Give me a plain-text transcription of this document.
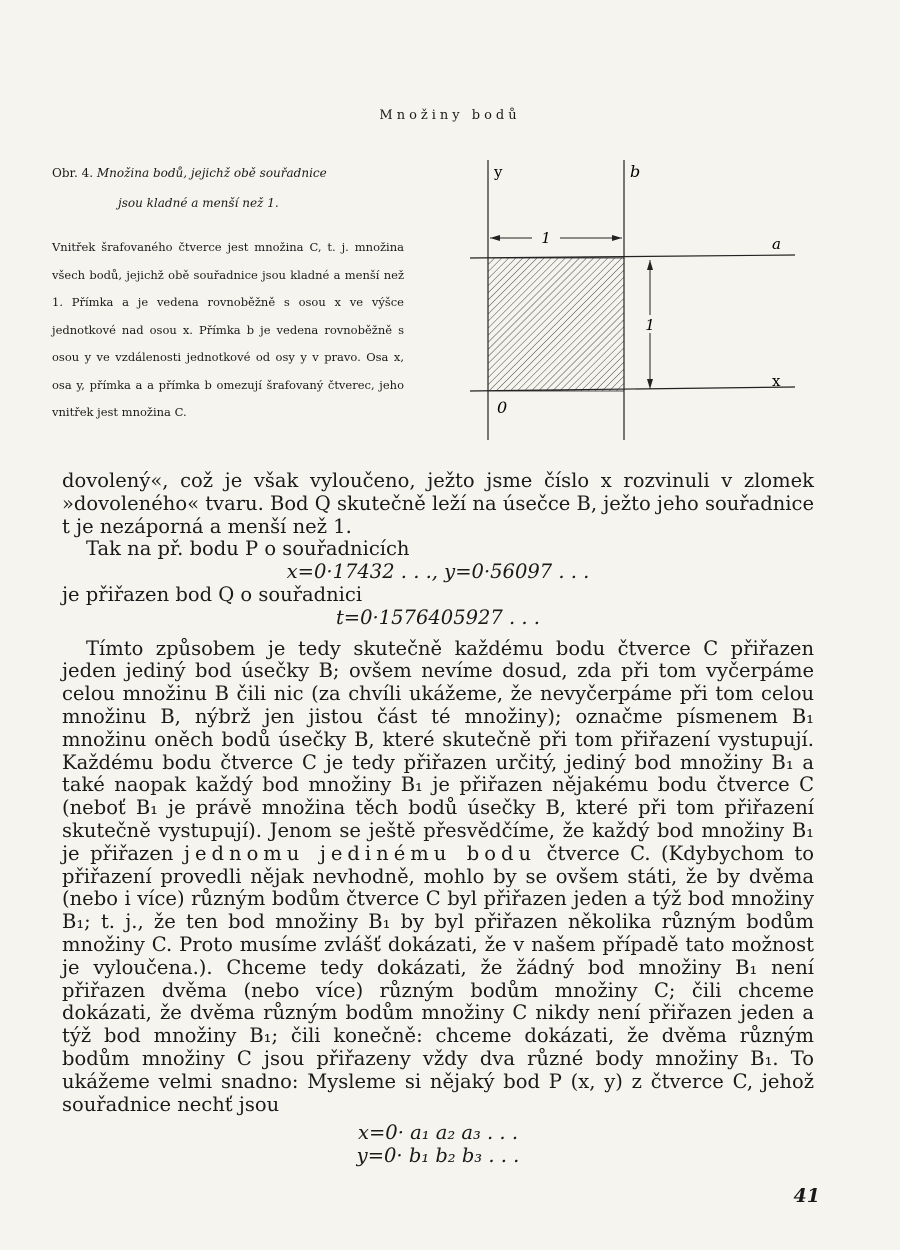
Množiny bodů
Obr. 4. Množina bodů, jejichž obě souřadnice
jsou kladné a menší než 1.
Vnitřek šrafovaného čtverce jest množina C, t. j. množina všech bodů, jejichž obě souřadnice jsou kladné a menší než 1. Přímka a je vedena rovnoběžně s osou x ve výšce jednotkové nad osou x. Přímka b je vedena rovnoběžně s osou y ve vzdálenosti jednotkové od osy y v pravo. Osa x, osa y, přímka a a přímka b omezují šrafovaný čtverec, jeho vnitřek jest množina C.
1
1
y	b
a
x
0

dovolený«, což je však vyloučeno, ježto jsme číslo x rozvinuli v zlomek »dovoleného« tvaru. Bod Q skutečně leží na úsečce B, ježto jeho souřadnice t je nezáporná a menší než 1.

Tak na př. bodu P o souřadnicích

x=0·17432 . . ., y=0·56097 . . .

je přiřazen bod Q o souřadnici

t=0·1576405927 . . .

Tímto způsobem je tedy skutečně každému bodu čtverce C přiřazen jeden jediný bod úsečky B; ovšem nevíme dosud, zda při tom vyčerpáme celou množinu B čili nic (za chvíli ukážeme, že nevyčerpáme při tom celou množinu B, nýbrž jen jistou část té množiny); označme písmenem B₁ množinu oněch bodů úsečky B, které skutečně při tom přiřazení vystupují. Každému bodu čtverce C je tedy přiřazen určitý, jediný bod množiny B₁ a také naopak každý bod množiny B₁ je přiřazen nějakému bodu čtverce C (neboť B₁ je právě množina těch bodů úsečky B, které při tom přiřazení skutečně vystupují). Jenom se ještě přesvědčíme, že každý bod množiny B₁ je přiřazen jednomu jedinému bodu čtverce C. (Kdybychom to přiřazení provedli nějak nevhodně, mohlo by se ovšem státi, že by dvěma (nebo i více) různým bodům čtverce C byl přiřazen jeden a týž bod množiny B₁; t. j., že ten bod množiny B₁ by byl přiřazen několika různým bodům množiny C. Proto musíme zvlášť dokázati, že v našem případě tato možnost je vyloučena.). Chceme tedy dokázati, že žádný bod množiny B₁ není přiřazen dvěma (nebo více) různým bodům množiny C; čili chceme dokázati, že dvěma různým bodům množiny C nikdy není přiřazen jeden a týž bod množiny B₁; čili konečně: chceme dokázati, že dvěma různým bodům množiny C jsou přiřazeny vždy dva různé body množiny B₁. To ukážeme velmi snadno: Mysleme si nějaký bod P (x, y) z čtverce C, jehož souřadnice nechť jsou

x=0· a₁ a₂ a₃ . . .

y=0· b₁ b₂ b₃ . . .

41
